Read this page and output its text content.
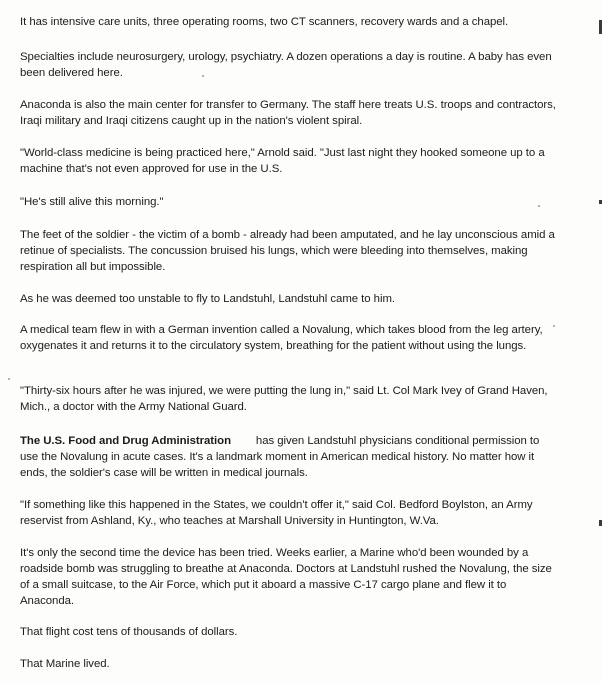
It has intensive care units, three operating rooms, two CT scanners, recovery wards and a chapel.

Specialties include neurosurgery, urology, psychiatry. A dozen operations a day is routine. A baby has even been delivered here.

Anaconda is also the main center for transfer to Germany. The staff here treats U.S. troops and contractors, Iraqi military and Iraqi citizens caught up in the nation's violent spiral.

"World-class medicine is being practiced here," Arnold said. "Just last night they hooked someone up to a machine that's not even approved for use in the U.S.

"He's still alive this morning."

The feet of the soldier - the victim of a bomb - already had been amputated, and he lay unconscious amid a retinue of specialists. The concussion bruised his lungs, which were bleeding into themselves, making respiration all but impossible.

As he was deemed too unstable to fly to Landstuhl, Landstuhl came to him.

A medical team flew in with a German invention called a Novalung, which takes blood from the leg artery, oxygenates it and returns it to the circulatory system, breathing for the patient without using the lungs.

"Thirty-six hours after he was injured, we were putting the lung in," said Lt. Col Mark Ivey of Grand Haven, Mich., a doctor with the Army National Guard.

The U.S. Food and Drug Administration has given Landstuhl physicians conditional permission to use the Novalung in acute cases. It's a landmark moment in American medical history. No matter how it ends, the soldier's case will be written in medical journals.

"If something like this happened in the States, we couldn't offer it," said Col. Bedford Boylston, an Army reservist from Ashland, Ky., who teaches at Marshall University in Huntington, W.Va.

It's only the second time the device has been tried. Weeks earlier, a Marine who'd been wounded by a roadside bomb was struggling to breathe at Anaconda. Doctors at Landstuhl rushed the Novalung, the size of a small suitcase, to the Air Force, which put it aboard a massive C-17 cargo plane and flew it to Anaconda.

That flight cost tens of thousands of dollars.

That Marine lived.
